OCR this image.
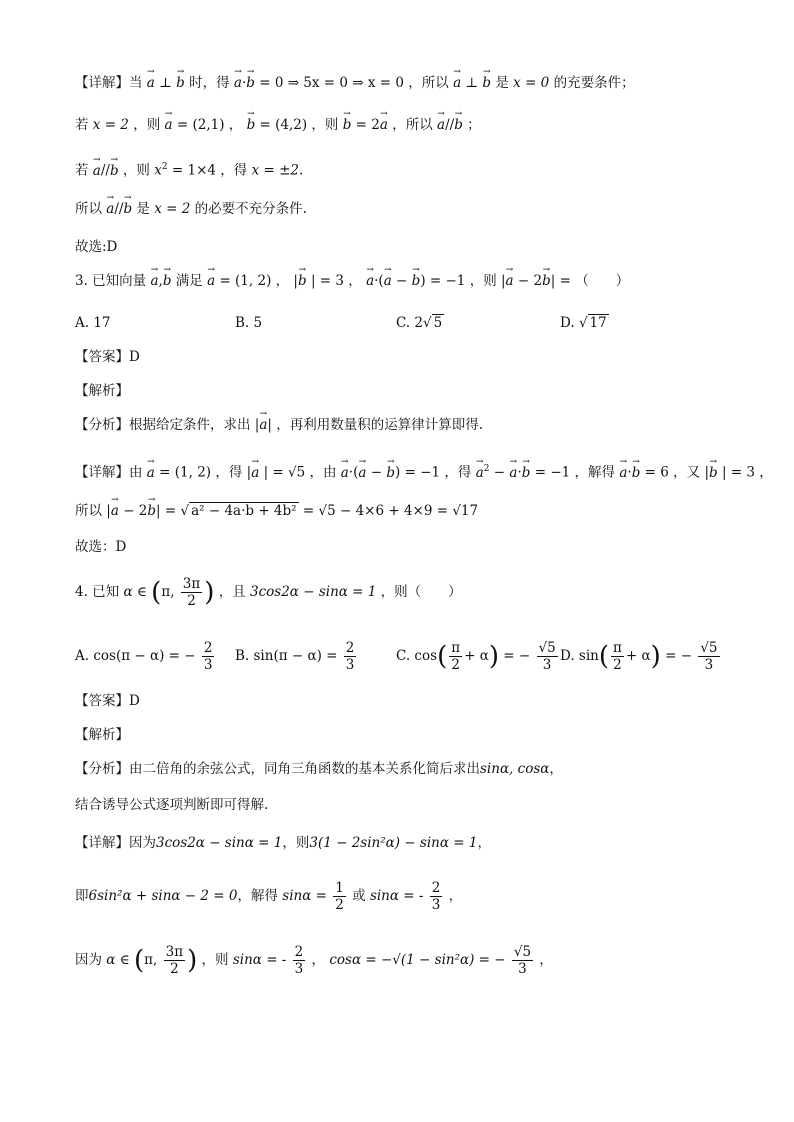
【详解】当 → a ⊥ → b 时，得 → a·→ b = 0 ⇒ 5x = 0 ⇒ x = 0 ，所以 → a ⊥ → b 是 x = 0 的充要条件；
若 x = 2 ，则 → a = (2,1) ， → b = (4,2) ，则 → b = 2→ a ，所以 → a//→ b ；
若 → a//→ b ，则 $x^2 = 1\times 4$ ，得 x = ±2.
所以 → a//→ b 是 x = 2 的必要不充分条件.
故选:D
3. 已知向量 → a,→ b 满足 → a = (1, 2) ， |→ b | = 3 ， → a·(→ a − → b) = −1 ，则 |→ a − 2→ b| = （　　）
A. 17	B. 5	C. 2√ 5	D. √ 17
【答案】D
【解析】
【分析】根据给定条件，求出 |→ a| ，再利用数量积的运算律计算即得.
【详解】由 → a = (1, 2) ，得 |→ a | = √5 ，由 → a·(→ a − → b) = −1 ，得 → $a^2$ − → a·→ b = −1 ，解得 → a·→ b = 6 ，又 |→ b | = 3 ，
所以 |→ a − 2→ b| = √ a² − 4a·b + 4b² = √5 − 4×6 + 4×9 = √17
故选：D
4. 已知 α ∈ (π, $\frac{3\pi}{2}$ ) ，且 3cos2α − sinα = 1 ，则（　　）
A. cos(π − α) = − $\frac{2}{3} B$. $\sin(\pi - \alpha) = \frac{2}{3}$	C. $\cos( \frac{\pi}{2} + \alpha)$ = − $\frac{√5}{3} D$. $\sin( \frac{\pi}{2} + \alpha)$ = − $\frac{√5}{3}$
【答案】D
【解析】
【分析】由二倍角的余弦公式，同角三角函数的基本关系化简后求出sinα, cosα，
结合诱导公式逐项判断即可得解.
【详解】因为3cos2α − sinα = 1，则3(1 − 2sin²α) − sinα = 1，
即6sin²α + sinα − 2 = 0，解得 $\sin\alpha = \frac{1}{2}$ 或 sinα = - $\frac{2}{3}$ ，
因为 α ∈ (π, $\frac{3\pi}{2}$ ) ，则 sinα = - $\frac{2}{3}$ ， cosα = −√(1 − sin²α) = − $\frac{√5}{3}$ ，
